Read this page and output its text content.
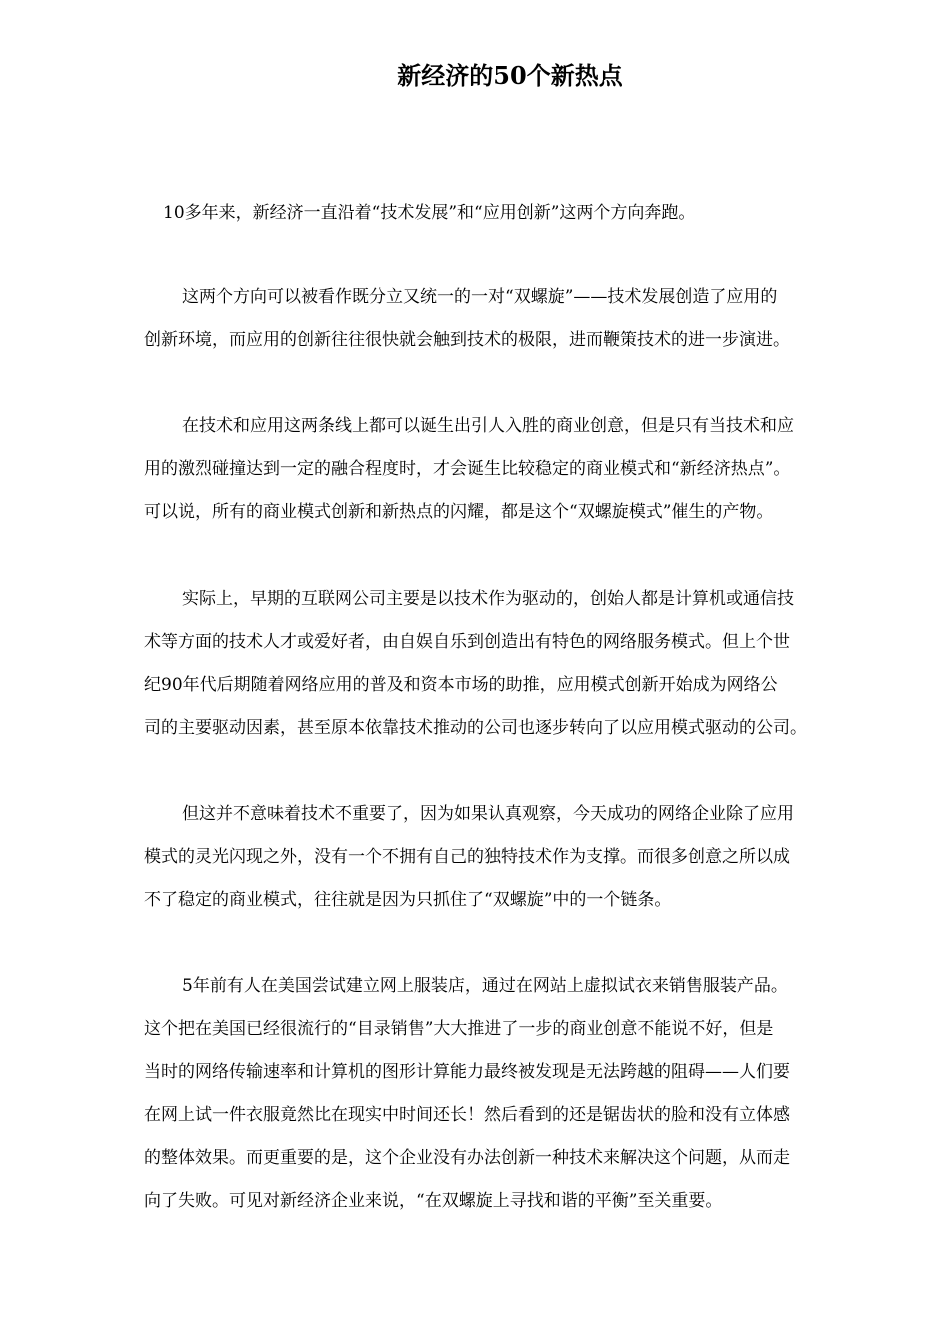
新经济的50个新热点
10多年来，新经济一直沿着“技术发展”和“应用创新”这两个方向奔跑。
这两个方向可以被看作既分立又统一的一对“双螺旋”——技术发展创造了应用的
创新环境，而应用的创新往往很快就会触到技术的极限，进而鞭策技术的进一步演进。
在技术和应用这两条线上都可以诞生出引人入胜的商业创意，但是只有当技术和应
用的激烈碰撞达到一定的融合程度时，才会诞生比较稳定的商业模式和“新经济热点”。
可以说，所有的商业模式创新和新热点的闪耀，都是这个“双螺旋模式”催生的产物。
实际上，早期的互联网公司主要是以技术作为驱动的，创始人都是计算机或通信技
术等方面的技术人才或爱好者，由自娱自乐到创造出有特色的网络服务模式。但上个世
纪90年代后期随着网络应用的普及和资本市场的助推，应用模式创新开始成为网络公
司的主要驱动因素，甚至原本依靠技术推动的公司也逐步转向了以应用模式驱动的公司。
但这并不意味着技术不重要了，因为如果认真观察，今天成功的网络企业除了应用
模式的灵光闪现之外，没有一个不拥有自己的独特技术作为支撑。而很多创意之所以成
不了稳定的商业模式，往往就是因为只抓住了“双螺旋”中的一个链条。
5年前有人在美国尝试建立网上服装店，通过在网站上虚拟试衣来销售服装产品。
这个把在美国已经很流行的“目录销售”大大推进了一步的商业创意不能说不好，但是
当时的网络传输速率和计算机的图形计算能力最终被发现是无法跨越的阻碍——人们要
在网上试一件衣服竟然比在现实中时间还长！然后看到的还是锯齿状的脸和没有立体感
的整体效果。而更重要的是，这个企业没有办法创新一种技术来解决这个问题，从而走
向了失败。可见对新经济企业来说，“在双螺旋上寻找和谐的平衡”至关重要。
